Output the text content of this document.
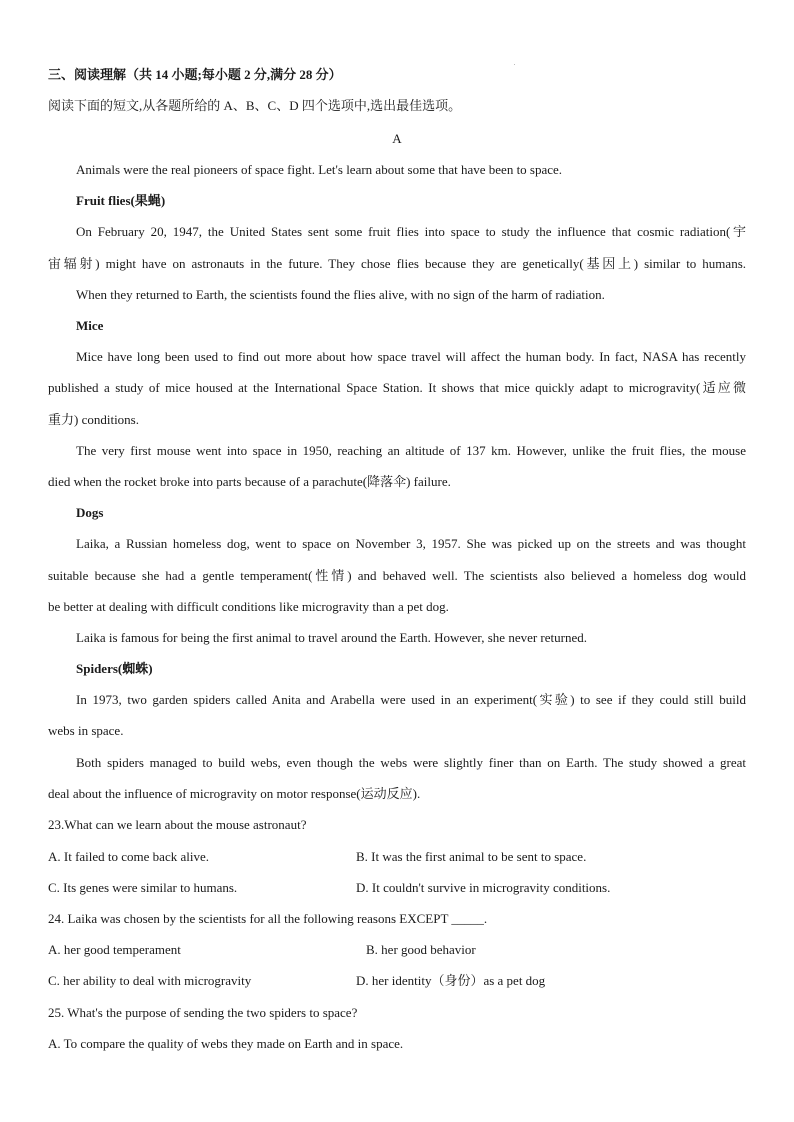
三、阅读理解（共 14 小题;每小题 2 分,满分 28 分）
阅读下面的短文,从各题所给的 A、B、C、D 四个选项中,选出最佳选项。
A
Animals were the real pioneers of space fight. Let's learn about some that have been to space.
Fruit flies(果蝇)
On February 20, 1947, the United States sent some fruit flies into space to study the influence that cosmic radiation(宇
宙辐射) might have on astronauts in the future. They chose flies because they are genetically(基因上) similar to humans.
When they returned to Earth, the scientists found the flies alive, with no sign of the harm of radiation.
Mice
Mice have long been used to find out more about how space travel will affect the human body. In fact, NASA has recently
published a study of mice housed at the International Space Station. It shows that mice quickly adapt to microgravity(适应微
重力) conditions.
The very first mouse went into space in 1950, reaching an altitude of 137 km. However, unlike the fruit flies, the mouse
died when the rocket broke into parts because of a parachute(降落伞) failure.
Dogs
Laika, a Russian homeless dog, went to space on November 3, 1957. She was picked up on the streets and was thought
suitable because she had a gentle temperament(性情) and behaved well. The scientists also believed a homeless dog would
be better at dealing with difficult conditions like microgravity than a pet dog.
Laika is famous for being the first animal to travel around the Earth. However, she never returned.
Spiders(蜘蛛)
In 1973, two garden spiders called Anita and Arabella were used in an experiment(实验) to see if they could still build
webs in space.
Both spiders managed to build webs, even though the webs were slightly finer than on Earth. The study showed a great
deal about the influence of microgravity on motor response(运动反应).
23.What can we learn about the mouse astronaut?
A. It failed to come back alive.	B. It was the first animal to be sent to space.
C. Its genes were similar to humans.	D. It couldn't survive in microgravity conditions.
24. Laika was chosen by the scientists for all the following reasons EXCEPT _____.
A. her good temperament	B. her good behavior
C. her ability to deal with microgravity	D. her identity（身份）as a pet dog
25. What's the purpose of sending the two spiders to space?
A. To compare the quality of webs they made on Earth and in space.
